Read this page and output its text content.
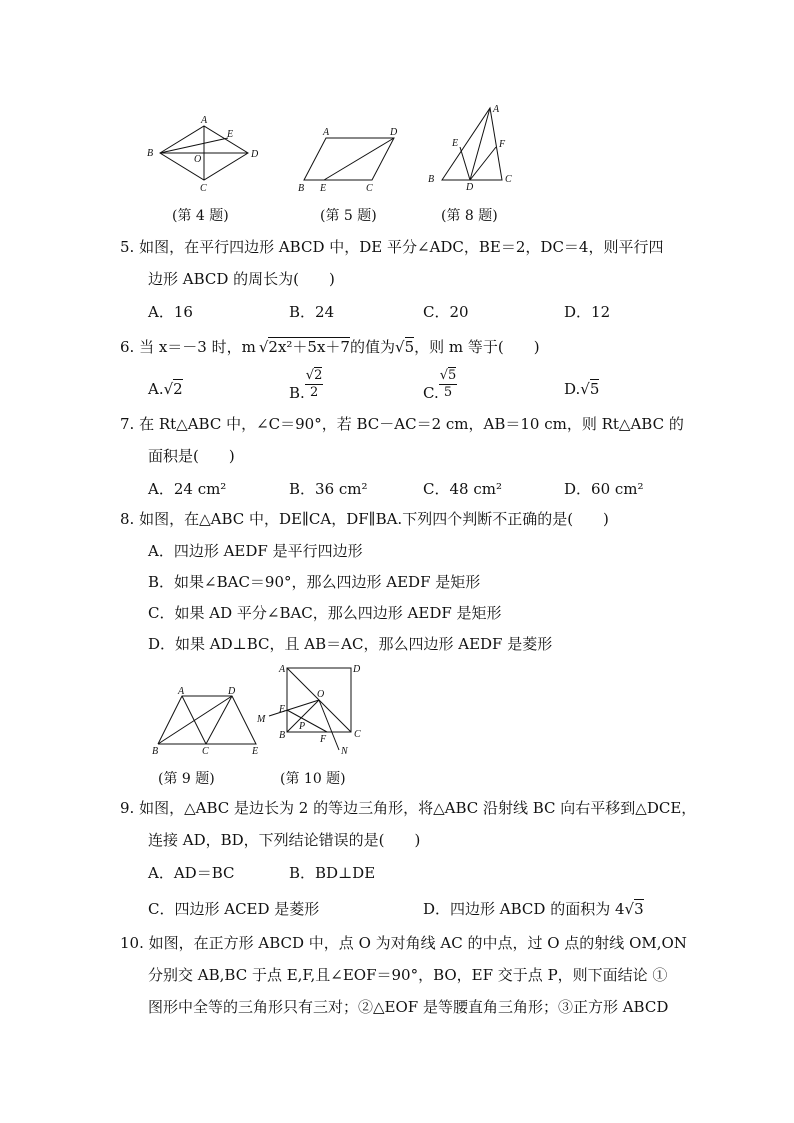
A
B
C
D
E
O
(第 4 题)
A
B	C
D
E
(第 5 题)
A
B	C
D
E	F
(第 8 题)
5. 如图，在平行四边形 ABCD 中，DE 平分∠ADC，BE＝2，DC＝4，则平行四
边形 ABCD 的周长为(　　)
A．16	B．24	C．20	D．12
6. 当 x＝－3 时，m √2x²＋5x＋7 的值为 √5 ，则 m 等于(　　)
A. √2	B. $\frac{√2}{2}$	C. $\frac{√5}{5}$	D. √5
7. 在 Rt△ABC 中，∠C＝90°，若 BC－AC＝2 cm，AB＝10 cm，则 Rt△ABC 的
面积是(　　)
A．24 cm²	B．36 cm²	C．48 cm²	D．60 cm²
8. 如图，在△ABC 中，DE∥CA，DF∥BA.下列四个判断不正确的是(　　)
A．四边形 AEDF 是平行四边形
B．如果∠BAC＝90°，那么四边形 AEDF 是矩形
C．如果 AD 平分∠BAC，那么四边形 AEDF 是矩形
D．如果 AD⊥BC，且 AB＝AC，那么四边形 AEDF 是菱形
A
B	C
D
E
(第 9 题)
A
B	C
D
E
F
M
N
O
P
(第 10 题)
9. 如图，△ABC 是边长为 2 的等边三角形，将△ABC 沿射线 BC 向右平移到△DCE，
连接 AD，BD，下列结论错误的是(　　)
A．AD＝BC	B．BD⊥DE
C．四边形 ACED 是菱形	D．四边形 ABCD 的面积为 4√3
10. 如图，在正方形 ABCD 中，点 O 为对角线 AC 的中点，过 O 点的射线 OM,ON
分别交 AB,BC 于点 E,F,且∠EOF＝90°，BO，EF 交于点 P，则下面结论 ①
图形中全等的三角形只有三对；②△EOF 是等腰直角三角形；③正方形 ABCD
